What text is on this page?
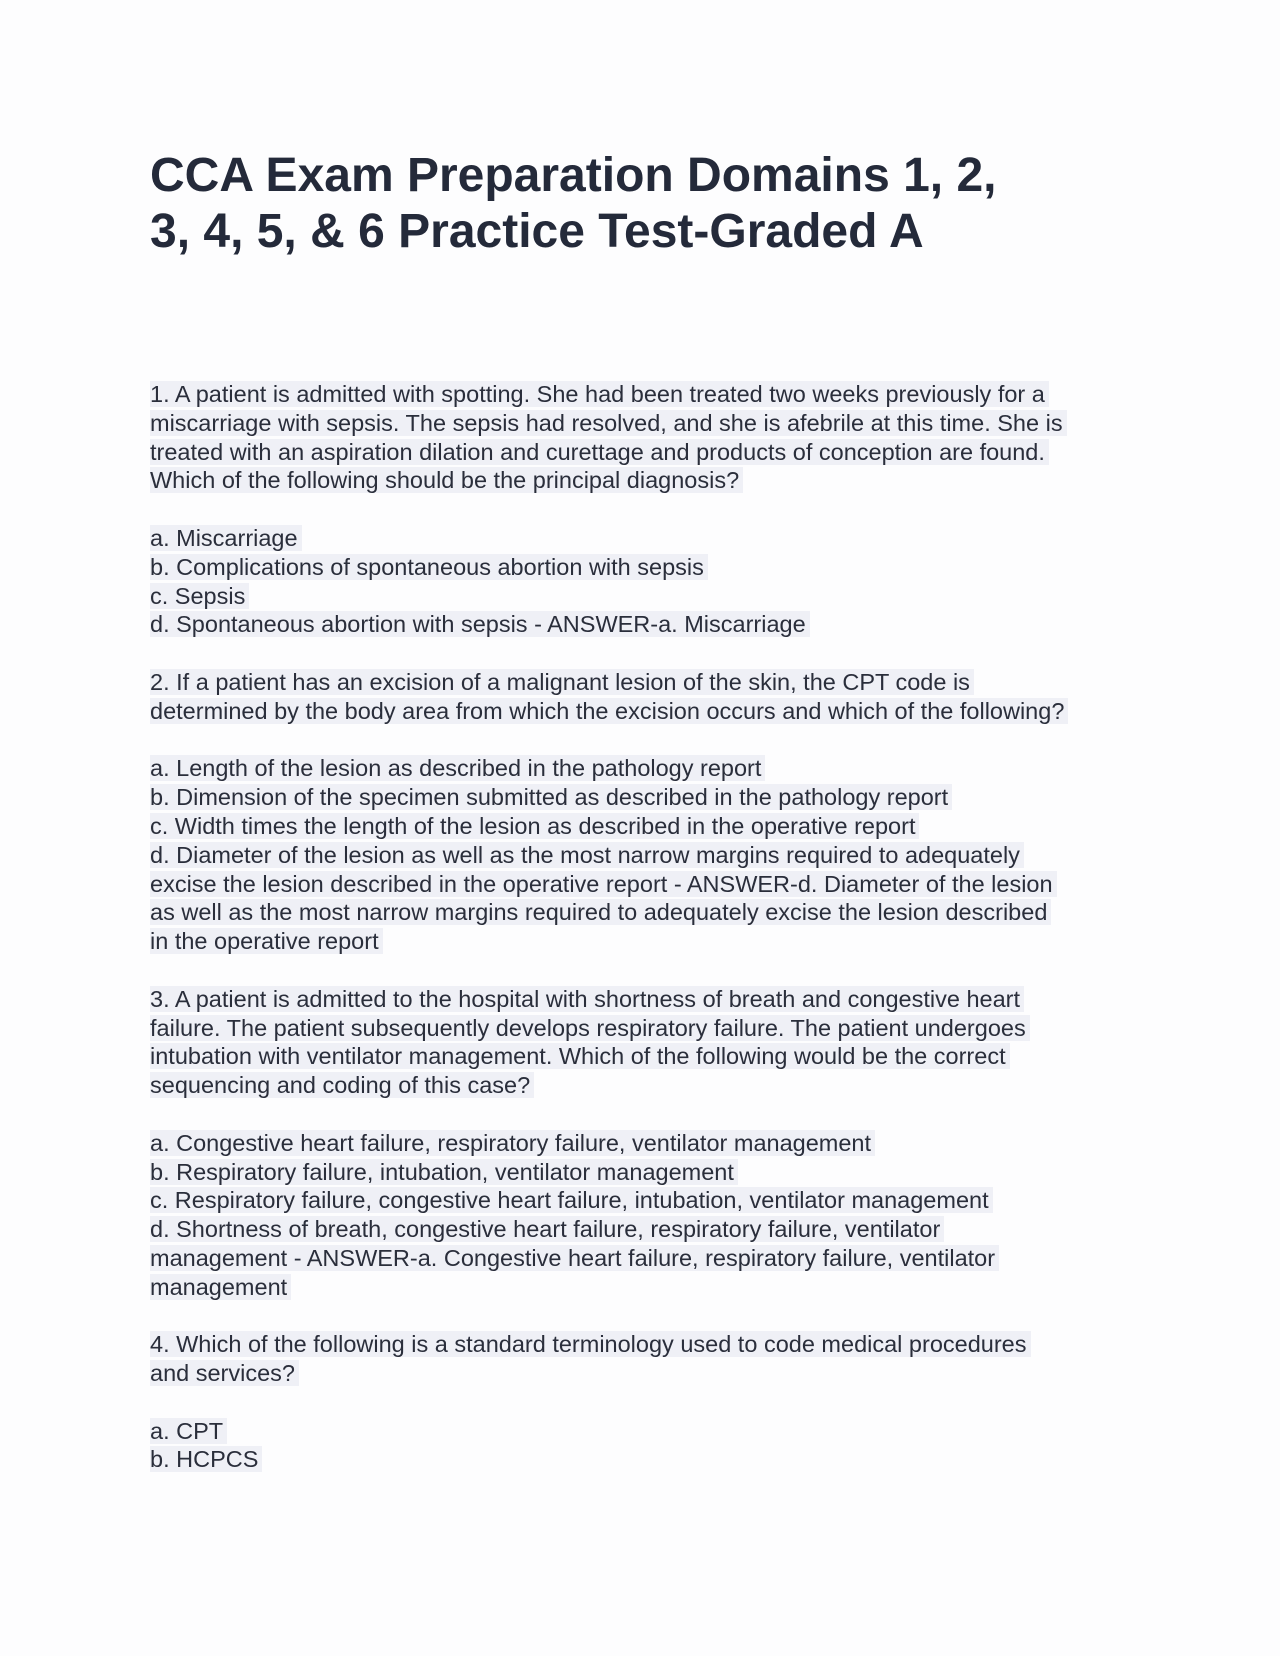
CCA Exam Preparation Domains 1, 2,
3, 4, 5, & 6 Practice Test-Graded A
1. A patient is admitted with spotting. She had been treated two weeks previously for a
miscarriage with sepsis. The sepsis had resolved, and she is afebrile at this time. She is
treated with an aspiration dilation and curettage and products of conception are found.
Which of the following should be the principal diagnosis?
a. Miscarriage
b. Complications of spontaneous abortion with sepsis
c. Sepsis
d. Spontaneous abortion with sepsis - ANSWER-a. Miscarriage
2. If a patient has an excision of a malignant lesion of the skin, the CPT code is
determined by the body area from which the excision occurs and which of the following?
a. Length of the lesion as described in the pathology report
b. Dimension of the specimen submitted as described in the pathology report
c. Width times the length of the lesion as described in the operative report
d. Diameter of the lesion as well as the most narrow margins required to adequately
excise the lesion described in the operative report - ANSWER-d. Diameter of the lesion
as well as the most narrow margins required to adequately excise the lesion described
in the operative report
3. A patient is admitted to the hospital with shortness of breath and congestive heart
failure. The patient subsequently develops respiratory failure. The patient undergoes
intubation with ventilator management. Which of the following would be the correct
sequencing and coding of this case?
a. Congestive heart failure, respiratory failure, ventilator management
b. Respiratory failure, intubation, ventilator management
c. Respiratory failure, congestive heart failure, intubation, ventilator management
d. Shortness of breath, congestive heart failure, respiratory failure, ventilator
management - ANSWER-a. Congestive heart failure, respiratory failure, ventilator
management
4. Which of the following is a standard terminology used to code medical procedures
and services?
a. CPT
b. HCPCS
